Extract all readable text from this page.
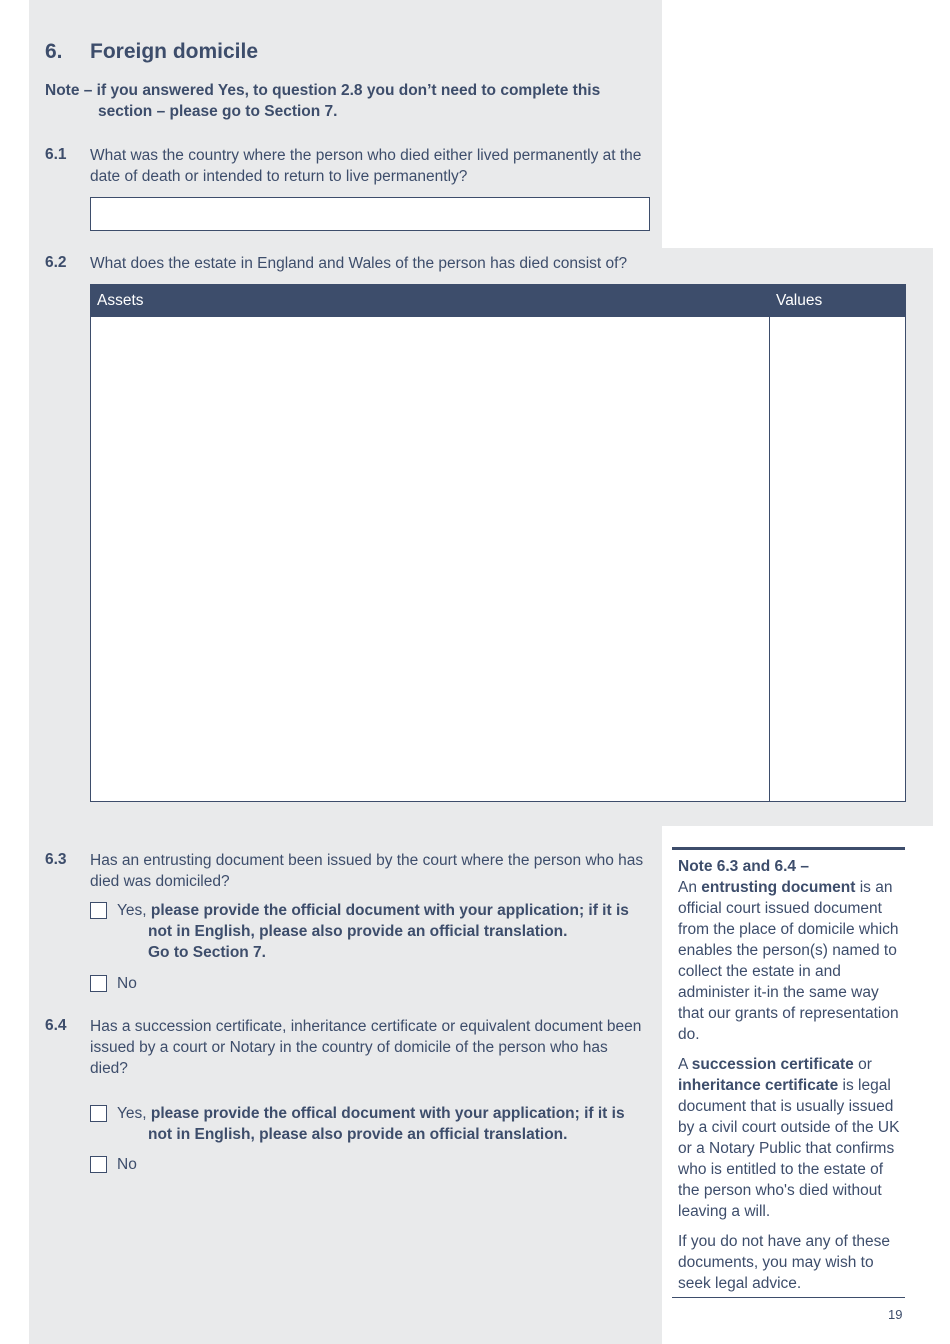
6. Foreign domicile
Note – if you answered Yes, to question 2.8 you don’t need to complete this
section – please go to Section 7.
6.1 What was the country where the person who died either lived permanently at the date of death or intended to return to live permanently?
6.2 What does the estate in England and Wales of the person has died consist of?
Assets	Values

6.3 Has an entrusting document been issued by the court where the person who has died was domiciled?
Yes, please provide the official document with your application; if it is
not in English, please also provide an official translation.
Go to Section 7.
No
6.4 Has a succession certificate, inheritance certificate or equivalent document been issued by a court or Notary in the country of domicile of the person who has died?
Yes, please provide the offical document with your application; if it is
not in English, please also provide an official translation.
No

Note 6.3 and 6.4 –
An entrusting document is an official court issued document from the place of domicile which enables the person(s) named to collect the estate in and administer it-in the same way that our grants of representation do.

A succession certificate or inheritance certificate is legal document that is usually issued by a civil court outside of the UK or a Notary Public that confirms who is entitled to the estate of the person who's died without leaving a will.

If you do not have any of these documents, you may wish to seek legal advice.

19
